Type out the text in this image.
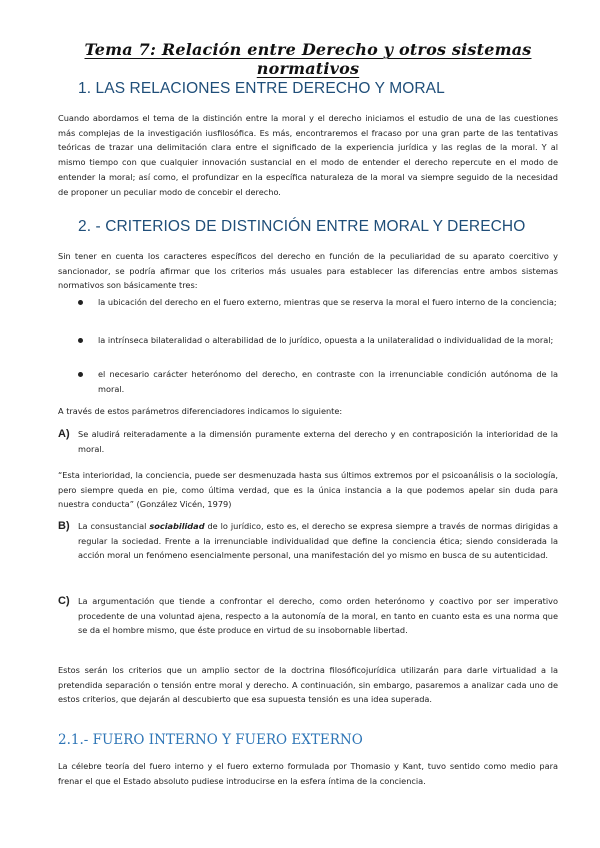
Tema 7: Relación entre Derecho y otros sistemas normativos
1. LAS RELACIONES ENTRE DERECHO Y MORAL
Cuando abordamos el tema de la distinción entre la moral y el derecho iniciamos el estudio de una de las cuestiones más complejas de la investigación iusfilosófica. Es más, encontraremos el fracaso por una gran parte de las tentativas teóricas de trazar una delimitación clara entre el significado de la experiencia jurídica y las reglas de la moral. Y al mismo tiempo con que cualquier innovación sustancial en el modo de entender el derecho repercute en el modo de entender la moral; así como, el profundizar en la específica naturaleza de la moral va siempre seguido de la necesidad de proponer un peculiar modo de concebir el derecho.
2. - CRITERIOS DE DISTINCIÓN ENTRE MORAL Y DERECHO
Sin tener en cuenta los caracteres específicos del derecho en función de la peculiaridad de su aparato coercitivo y sancionador, se podría afirmar que los criterios más usuales para establecer las diferencias entre ambos sistemas normativos son básicamente tres:
la ubicación del derecho en el fuero externo, mientras que se reserva la moral el fuero interno de la conciencia;
la intrínseca bilateralidad o alterabilidad de lo jurídico, opuesta a la unilateralidad o individualidad de la moral;
el necesario carácter heterónomo del derecho, en contraste con la irrenunciable condición autónoma de la moral.
A través de estos parámetros diferenciadores indicamos lo siguiente:
A) Se aludirá reiteradamente a la dimensión puramente externa del derecho y en contraposición la interioridad de la moral.
“Esta interioridad, la conciencia, puede ser desmenuzada hasta sus últimos extremos por el psicoanálisis o la sociología, pero siempre queda en pie, como última verdad, que es la única instancia a la que podemos apelar sin duda para nuestra conducta” (González Vicén, 1979)
B) La consustancial sociabilidad de lo jurídico, esto es, el derecho se expresa siempre a través de normas dirigidas a regular la sociedad. Frente a la irrenunciable individualidad que define la conciencia ética; siendo considerada la acción moral un fenómeno esencialmente personal, una manifestación del yo mismo en busca de su autenticidad.
C) La argumentación que tiende a confrontar el derecho, como orden heterónomo y coactivo por ser imperativo procedente de una voluntad ajena, respecto a la autonomía de la moral, en tanto en cuanto esta es una norma que se da el hombre mismo, que éste produce en virtud de su insobornable libertad.
Estos serán los criterios que un amplio sector de la doctrina filosóficojurídica utilizarán para darle virtualidad a la pretendida separación o tensión entre moral y derecho. A continuación, sin embargo, pasaremos a analizar cada uno de estos criterios, que dejarán al descubierto que esa supuesta tensión es una idea superada.
2.1.- FUERO INTERNO Y FUERO EXTERNO
La célebre teoría del fuero interno y el fuero externo formulada por Thomasio y Kant, tuvo sentido como medio para frenar el que el Estado absoluto pudiese introducirse en la esfera íntima de la conciencia.
